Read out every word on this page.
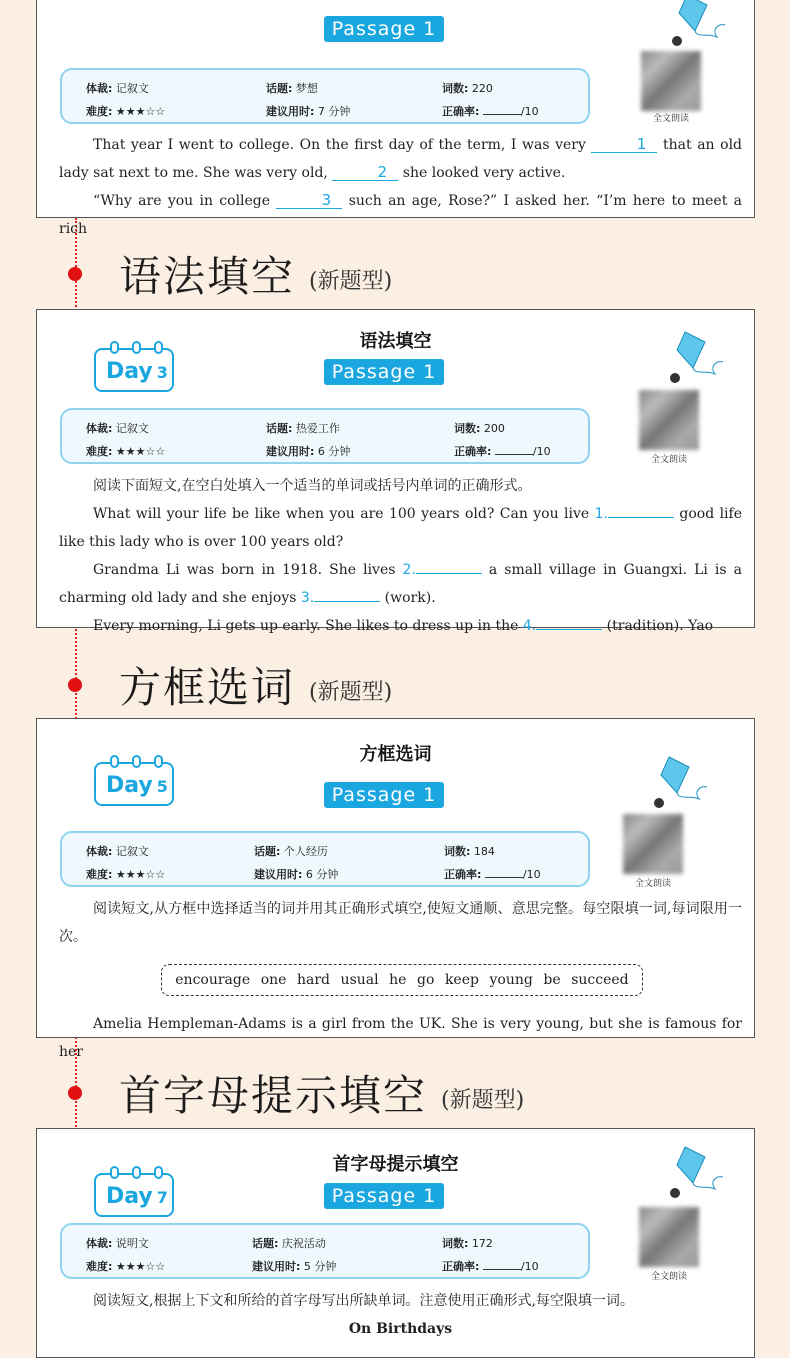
Passage 1
全文朗读
体裁: 记叙文	话题: 梦想	词数: 220
难度: ★★★☆☆	建议用时: 7 分钟	正确率:	/10

That year I went to college. On the first day of the term, I was very	1 that an old lady sat next to me. She was very old,	2 she looked very active.

“Why are you in college	3 such an age, Rose?” I asked her. “I’m here to meet a rich

语法填空 (新题型)
语法填空
Day 3	Passage 1
全文朗读
体裁: 记叙文	话题: 热爱工作	词数: 200
难度: ★★★☆☆	建议用时: 6 分钟	正确率:	/10

阅读下面短文,在空白处填入一个适当的单词或括号内单词的正确形式。

What will your life be like when you are 100 years old? Can you live 1.	good life like this lady who is over 100 years old?

Grandma Li was born in 1918. She lives 2.	a small village in Guangxi. Li is a charming old lady and she enjoys 3.	(work).

Every morning, Li gets up early. She likes to dress up in the 4.	(tradition). Yao

方框选词 (新题型)
方框选词
Day 5	Passage 1
全文朗读
体裁: 记叙文	话题: 个人经历	词数: 184
难度: ★★★☆☆	建议用时: 6 分钟	正确率:	/10

阅读短文,从方框中选择适当的词并用其正确形式填空,使短文通顺、意思完整。每空限填一词,每词限用一次。

encourage one hard usual he go keep young be succeed

Amelia Hempleman-Adams is a girl from the UK. She is very young, but she is famous for her

首字母提示填空 (新题型)
首字母提示填空
Day 7	Passage 1
全文朗读
体裁: 说明文	话题: 庆祝活动	词数: 172
难度: ★★★☆☆	建议用时: 5 分钟	正确率:	/10

阅读短文,根据上下文和所给的首字母写出所缺单词。注意使用正确形式,每空限填一词。

On Birthdays
